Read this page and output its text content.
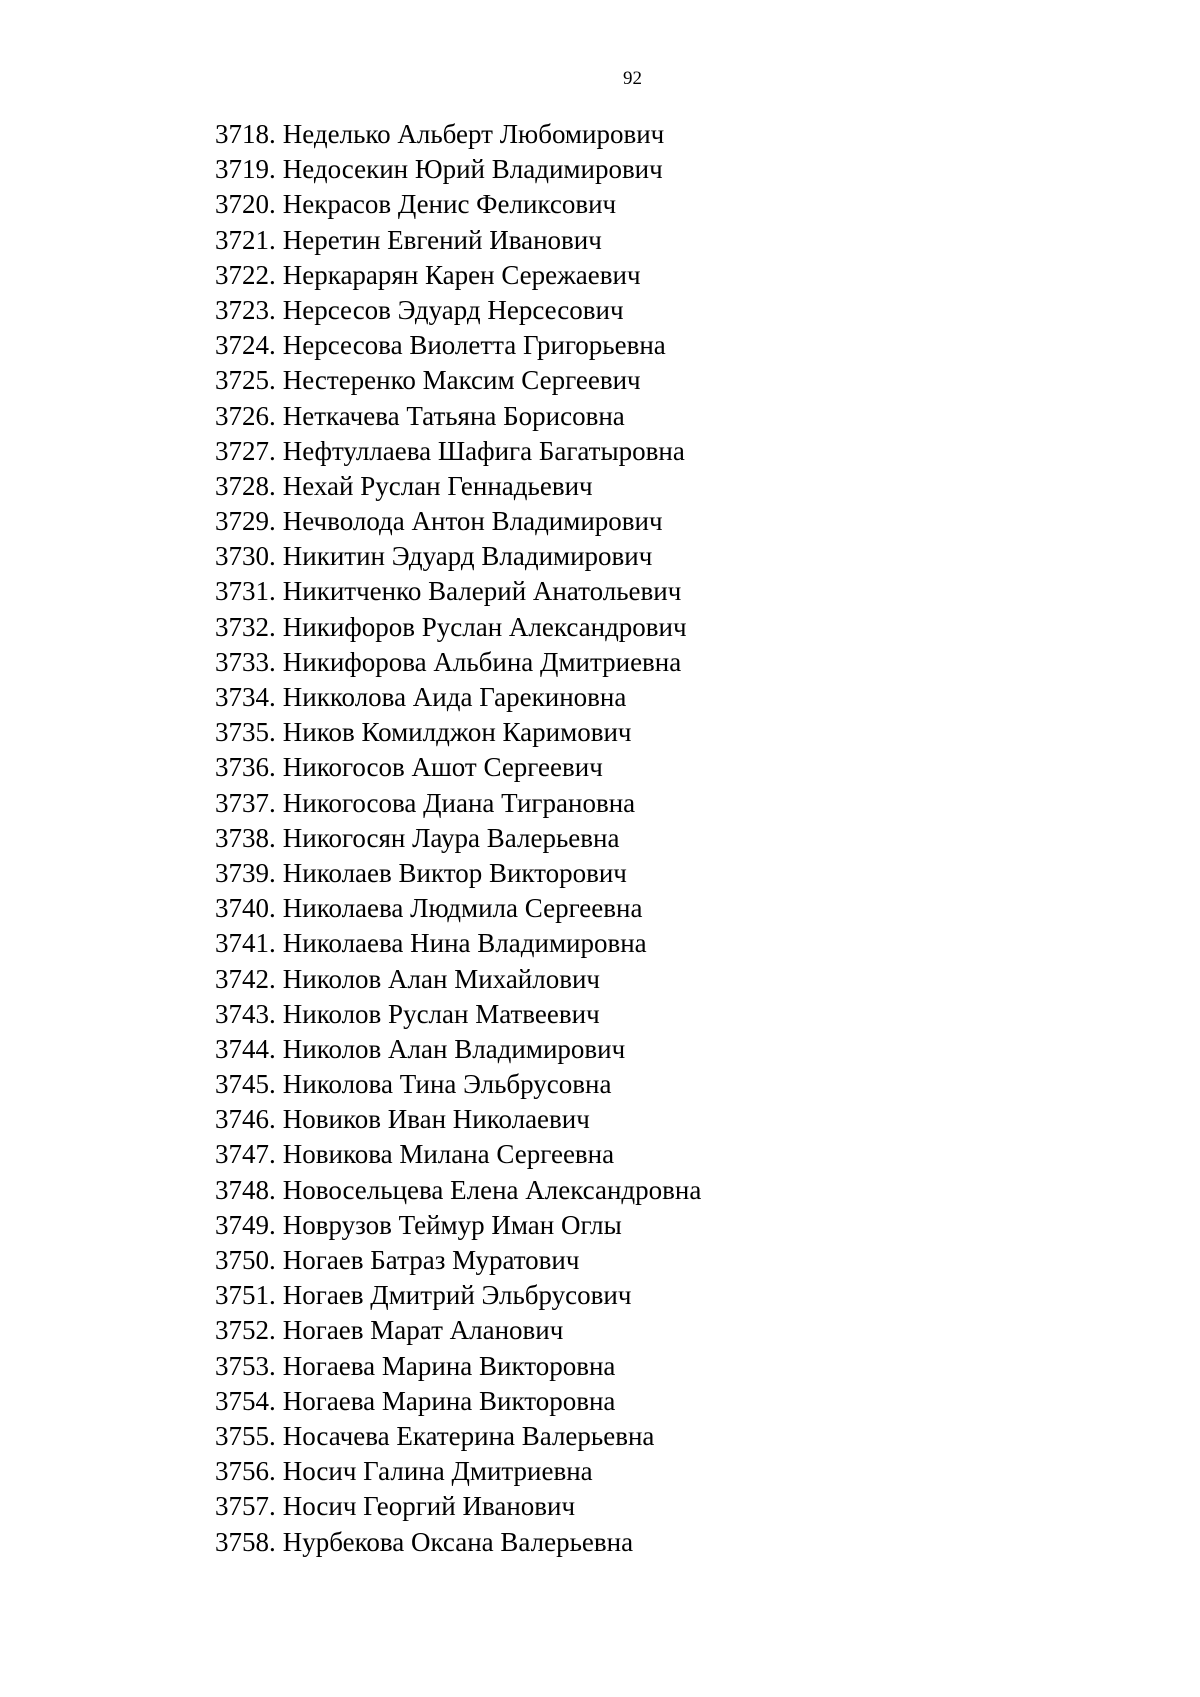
92
3718. Неделько Альберт Любомирович
3719. Недосекин Юрий Владимирович
3720. Некрасов Денис Феликсович
3721. Неретин Евгений Иванович
3722. Неркарарян Карен Сережаевич
3723. Нерсесов Эдуард Нерсесович
3724. Нерсесова Виолетта Григорьевна
3725. Нестеренко Максим Сергеевич
3726. Неткачева Татьяна Борисовна
3727. Нефтуллаева Шафига Багатыровна
3728. Нехай Руслан Геннадьевич
3729. Нечволода Антон Владимирович
3730. Никитин Эдуард Владимирович
3731. Никитченко Валерий Анатольевич
3732. Никифоров Руслан Александрович
3733. Никифорова Альбина Дмитриевна
3734. Никколова Аида Гарекиновна
3735. Ников Комилджон Каримович
3736. Никогосов Ашот Сергеевич
3737. Никогосова Диана Тиграновна
3738. Никогосян Лаура Валерьевна
3739. Николаев Виктор Викторович
3740. Николаева Людмила Сергеевна
3741. Николаева Нина Владимировна
3742. Николов Алан Михайлович
3743. Николов Руслан Матвеевич
3744. Николов Алан Владимирович
3745. Николова Тина Эльбрусовна
3746. Новиков Иван Николаевич
3747. Новикова Милана Сергеевна
3748. Новосельцева Елена Александровна
3749. Новрузов Теймур Иман Оглы
3750. Ногаев Батраз Муратович
3751. Ногаев Дмитрий Эльбрусович
3752. Ногаев Марат Аланович
3753. Ногаева Марина Викторовна
3754. Ногаева Марина Викторовна
3755. Носачева Екатерина Валерьевна
3756. Носич Галина Дмитриевна
3757. Носич Георгий Иванович
3758. Нурбекова Оксана Валерьевна
